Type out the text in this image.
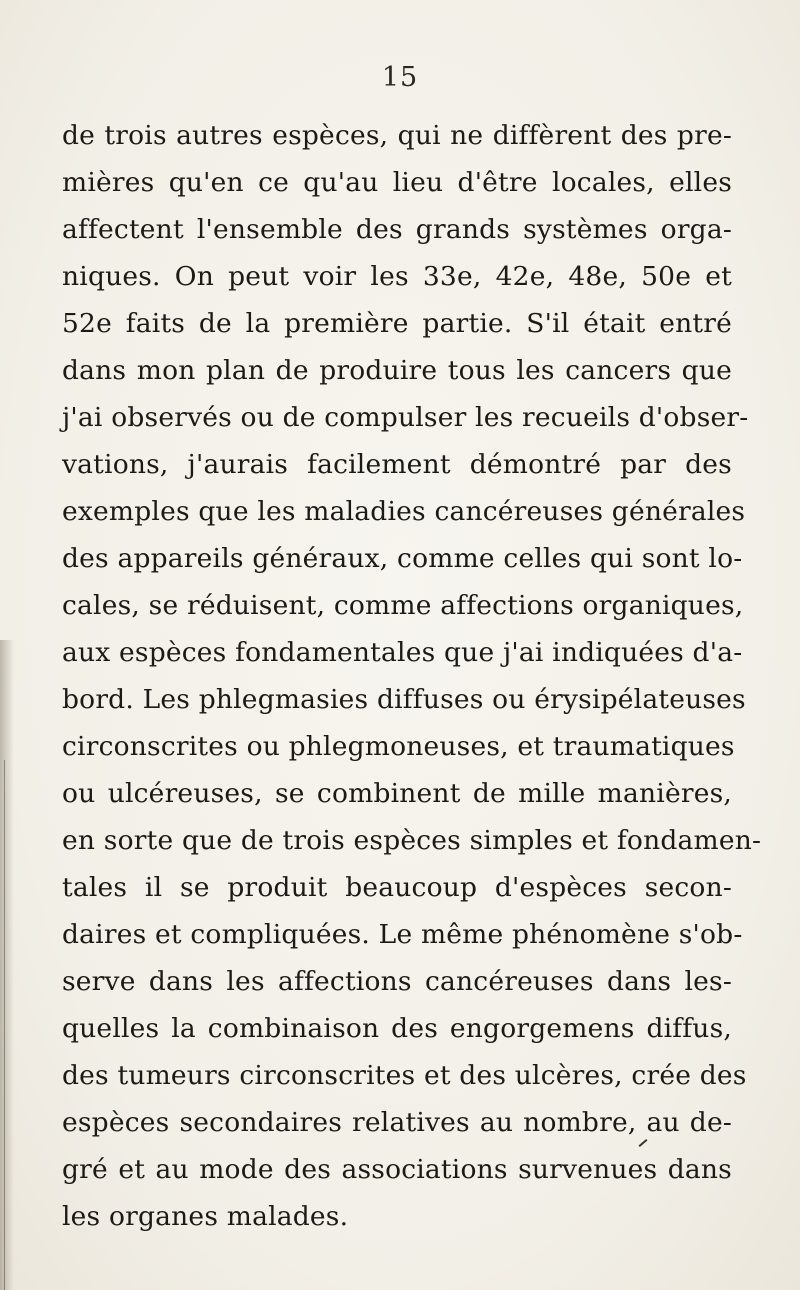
15
de trois autres espèces, qui ne diffèrent des pre-
mières qu'en ce qu'au lieu d'être locales, elles
affectent l'ensemble des grands systèmes orga-
niques. On peut voir les 33e, 42e, 48e, 50e et
52e faits de la première partie. S'il était entré
dans mon plan de produire tous les cancers que
j'ai observés ou de compulser les recueils d'obser-
vations, j'aurais facilement démontré par des
exemples que les maladies cancéreuses générales
des appareils généraux, comme celles qui sont lo-
cales, se réduisent, comme affections organiques,
aux espèces fondamentales que j'ai indiquées d'a-
bord. Les phlegmasies diffuses ou érysipélateuses
circonscrites ou phlegmoneuses, et traumatiques
ou ulcéreuses, se combinent de mille manières,
en sorte que de trois espèces simples et fondamen-
tales il se produit beaucoup d'espèces secon-
daires et compliquées. Le même phénomène s'ob-
serve dans les affections cancéreuses dans les-
quelles la combinaison des engorgemens diffus,
des tumeurs circonscrites et des ulcères, crée des
espèces secondaires relatives au nombre, au de-
gré et au mode des associations survenues dans
les organes malades.
